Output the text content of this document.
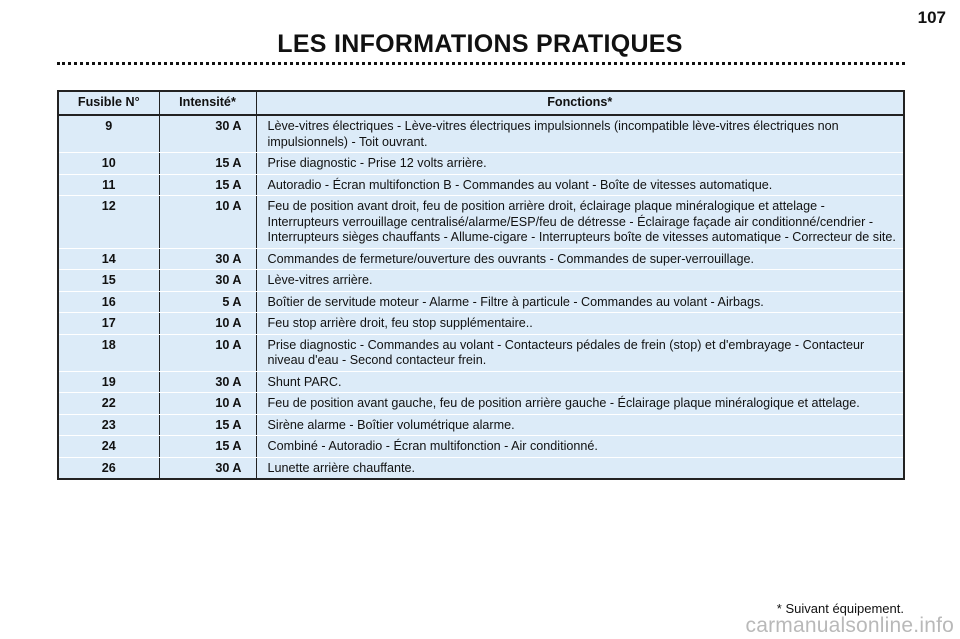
107
LES INFORMATIONS PRATIQUES
Fusible N°	Intensité*	Fonctions*
9	30 A	Lève-vitres électriques - Lève-vitres électriques impulsionnels (incompatible lève-vitres électriques non impulsionnels) - Toit ouvrant.
10	15 A	Prise diagnostic - Prise 12 volts arrière.
11	15 A	Autoradio - Écran multifonction B - Commandes au volant - Boîte de vitesses automatique.
12	10 A	Feu de position avant droit, feu de position arrière droit, éclairage plaque minéralogique et attelage - Interrupteurs verrouillage centralisé/alarme/ESP/feu de détresse - Éclairage façade air conditionné/cendrier - Interrupteurs sièges chauffants - Allume-cigare - Interrupteurs boîte de vitesses automatique - Correcteur de site.
14	30 A	Commandes de fermeture/ouverture des ouvrants - Commandes de super-verrouillage.
15	30 A	Lève-vitres arrière.
16	5 A	Boîtier de servitude moteur - Alarme - Filtre à particule - Commandes au volant - Airbags.
17	10 A	Feu stop arrière droit, feu stop supplémentaire..
18	10 A	Prise diagnostic - Commandes au volant - Contacteurs pédales de frein (stop) et d'embrayage - Contacteur niveau d'eau - Second contacteur frein.
19	30 A	Shunt PARC.
22	10 A	Feu de position avant gauche, feu de position arrière gauche - Éclairage plaque minéralogique et attelage.
23	15 A	Sirène alarme - Boîtier volumétrique alarme.
24	15 A	Combiné - Autoradio - Écran multifonction - Air conditionné.
26	30 A	Lunette arrière chauffante.
* Suivant équipement.
carmanualsonline.info
